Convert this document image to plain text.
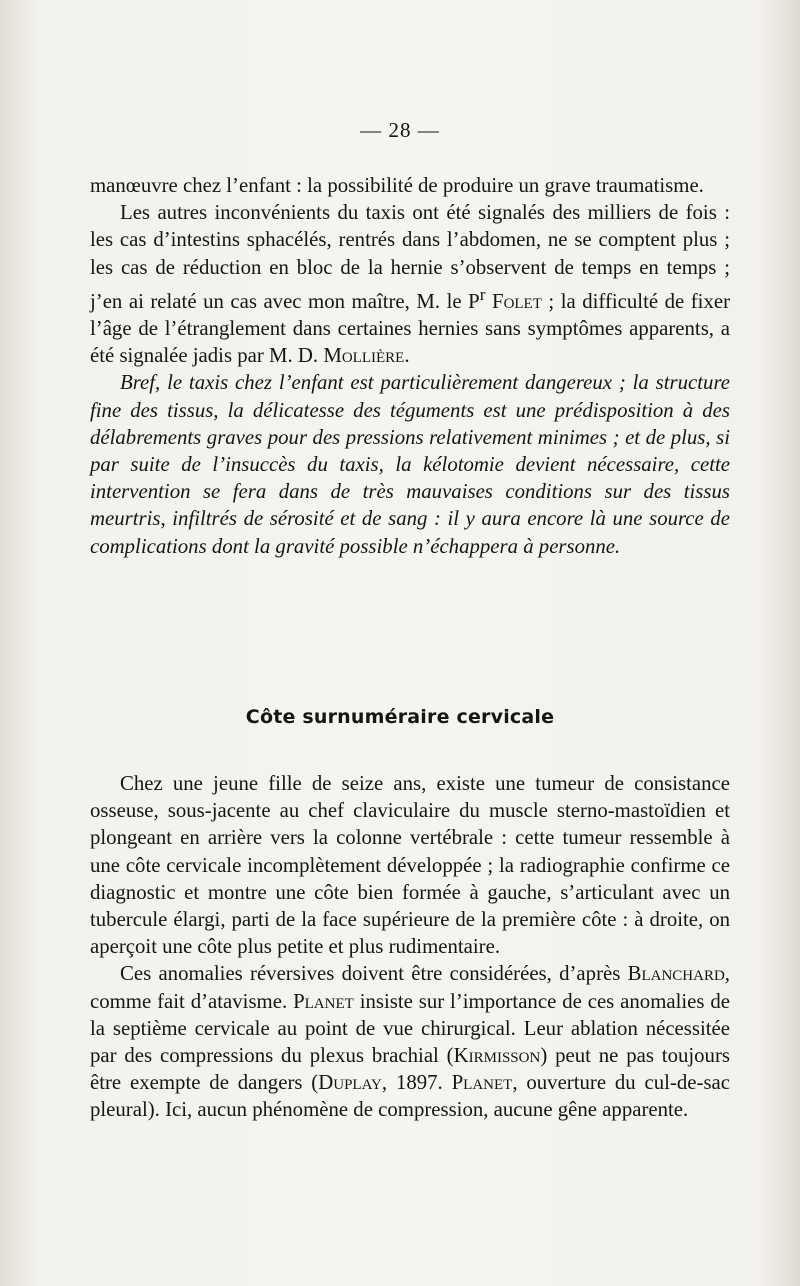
— 28 —

manœuvre chez l’enfant : la possibilité de produire un grave traumatisme.

Les autres inconvénients du taxis ont été signalés des milliers de fois : les cas d’intestins sphacélés, rentrés dans l’abdomen, ne se comptent plus ; les cas de réduction en bloc de la hernie s’observent de temps en temps ; j’en ai relaté un cas avec mon maître, M. le $P^r$ Folet ; la difficulté de fixer l’âge de l’étranglement dans certaines hernies sans symptômes apparents, a été signalée jadis par M. D. Mollière.

Bref, le taxis chez l’enfant est particulièrement dangereux ; la structure fine des tissus, la délicatesse des téguments est une prédisposition à des délabrements graves pour des pressions relativement minimes ; et de plus, si par suite de l’insuccès du taxis, la kélotomie devient nécessaire, cette intervention se fera dans de très mauvaises conditions sur des tissus meurtris, infiltrés de sérosité et de sang : il y aura encore là une source de complications dont la gravité possible n’échappera à personne.

Côte surnuméraire cervicale

Chez une jeune fille de seize ans, existe une tumeur de consistance osseuse, sous-jacente au chef claviculaire du muscle sterno-mastoïdien et plongeant en arrière vers la colonne vertébrale : cette tumeur ressemble à une côte cervicale incomplètement développée ; la radiographie confirme ce diagnostic et montre une côte bien formée à gauche, s’articulant avec un tubercule élargi, parti de la face supérieure de la première côte : à droite, on aperçoit une côte plus petite et plus rudimentaire.

Ces anomalies réversives doivent être considérées, d’après Blanchard, comme fait d’atavisme. Planet insiste sur l’importance de ces anomalies de la septième cervicale au point de vue chirurgical. Leur ablation nécessitée par des compressions du plexus brachial (Kirmisson) peut ne pas toujours être exempte de dangers (Duplay, 1897. Planet, ouverture du cul-de-sac pleural). Ici, aucun phénomène de compression, aucune gêne apparente.
